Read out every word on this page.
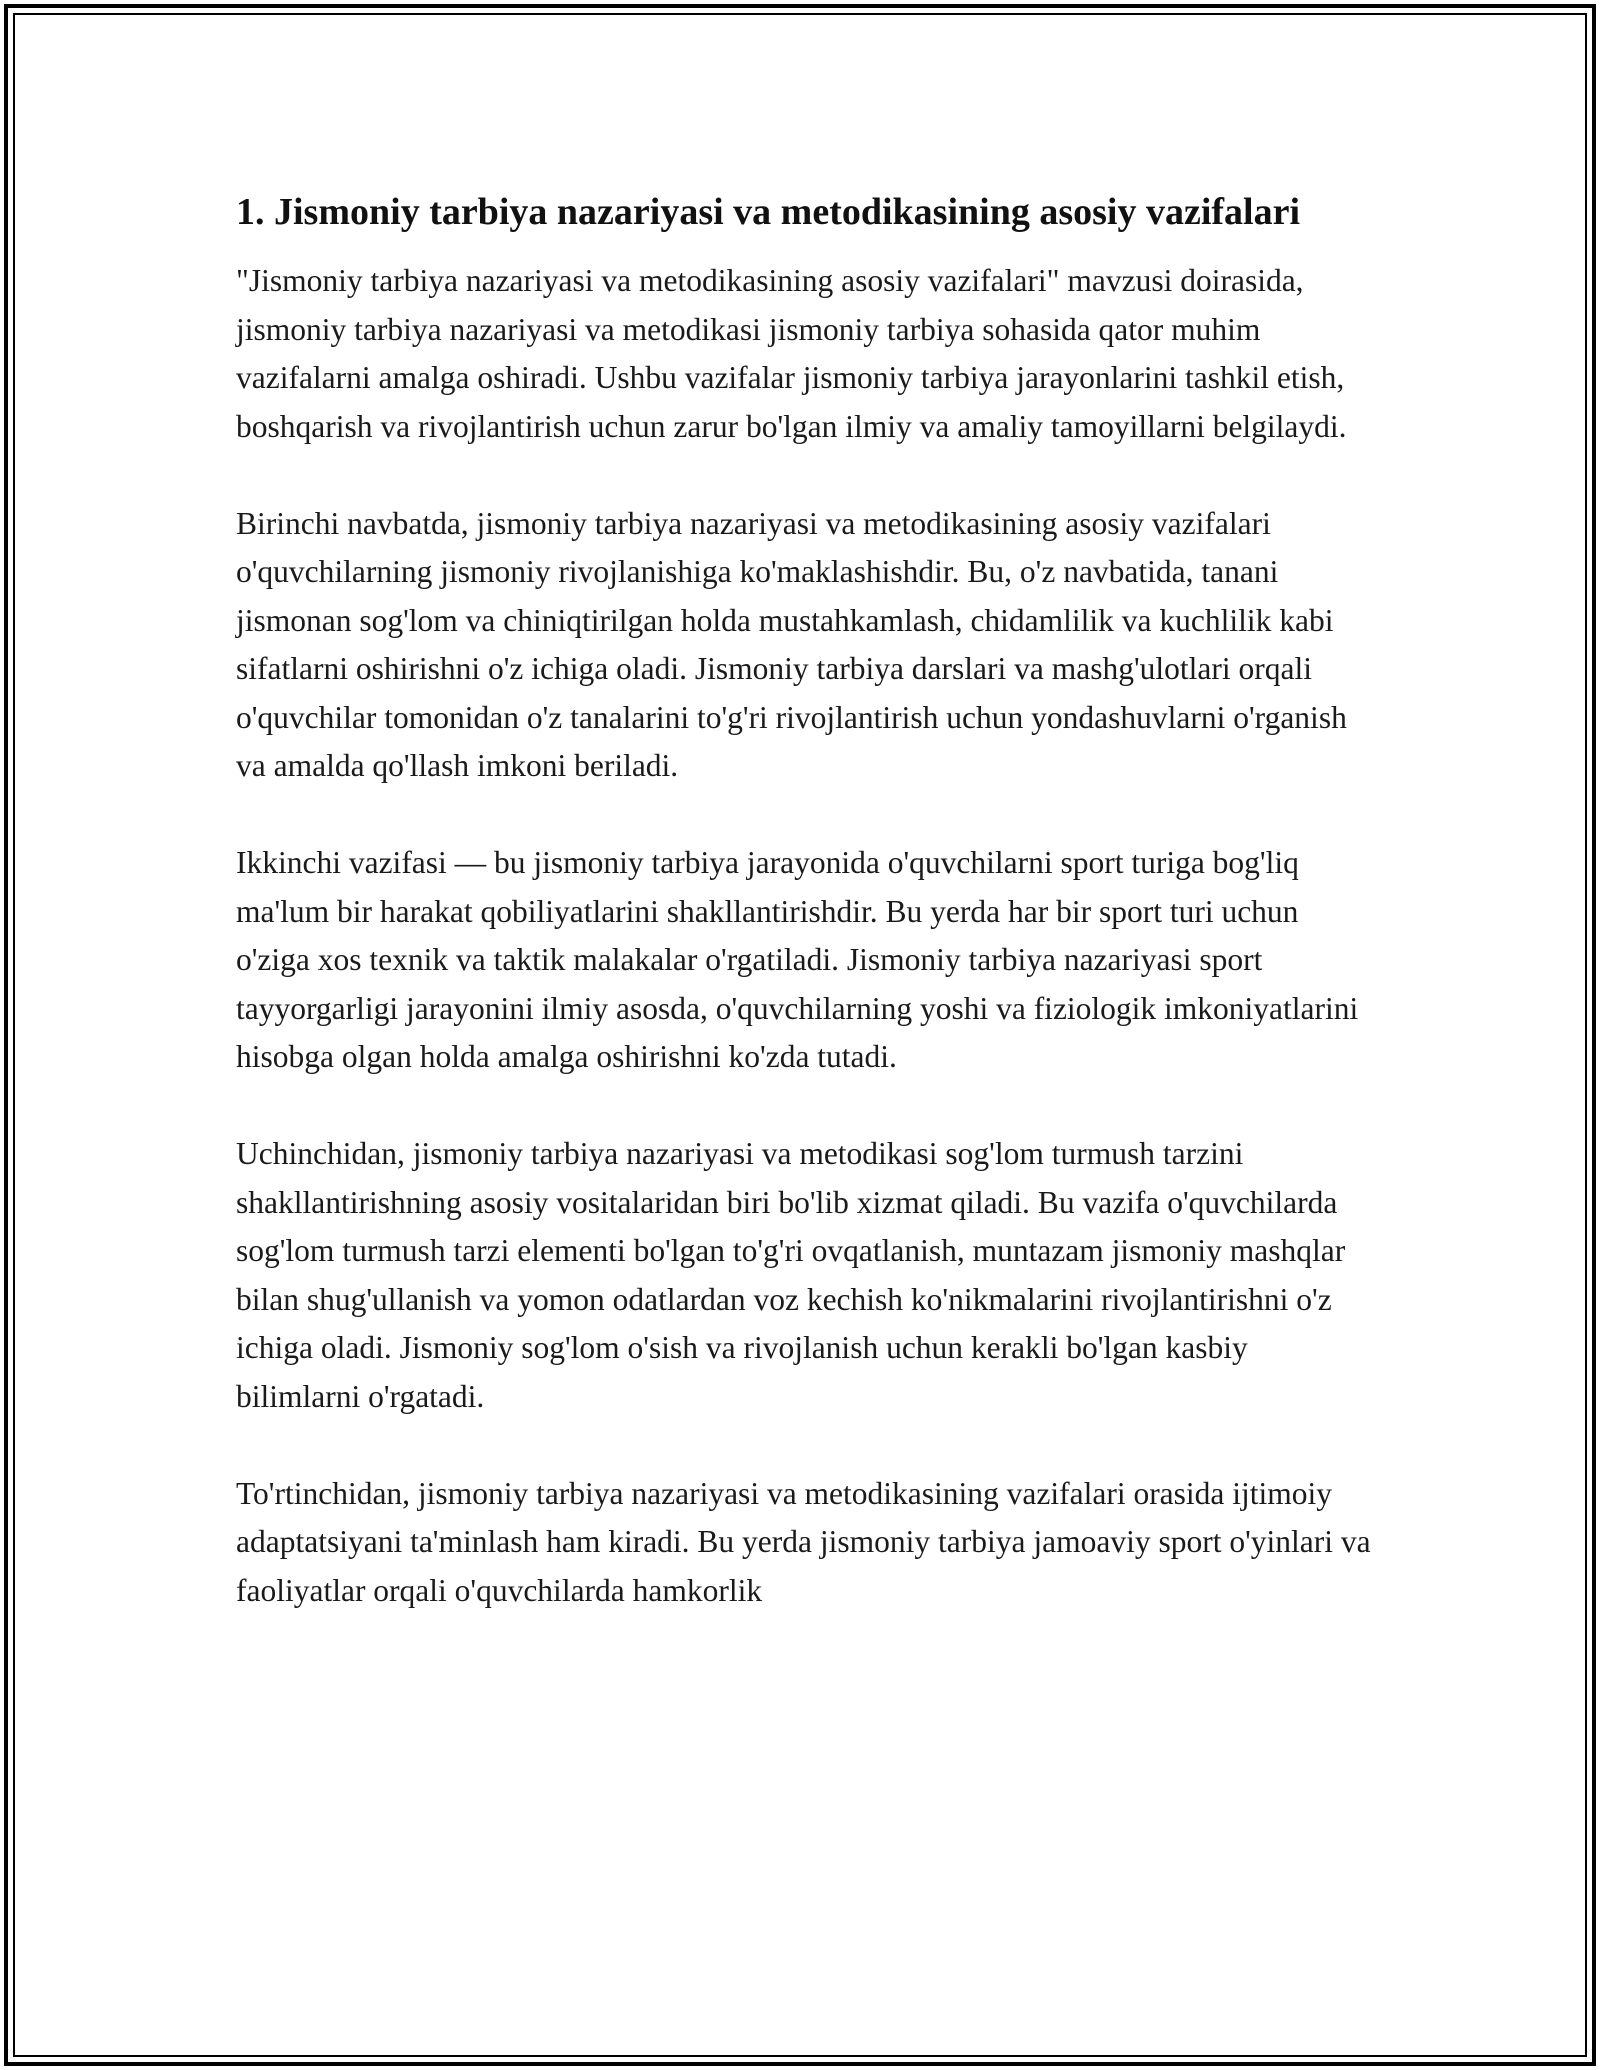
1. Jismoniy tarbiya nazariyasi va metodikasining asosiy vazifalari

"Jismoniy tarbiya nazariyasi va metodikasining asosiy vazifalari" mavzusi doirasida, jismoniy tarbiya nazariyasi va metodikasi jismoniy tarbiya sohasida qator muhim vazifalarni amalga oshiradi. Ushbu vazifalar jismoniy tarbiya jarayonlarini tashkil etish, boshqarish va rivojlantirish uchun zarur bo'lgan ilmiy va amaliy tamoyillarni belgilaydi.

Birinchi navbatda, jismoniy tarbiya nazariyasi va metodikasining asosiy vazifalari o'quvchilarning jismoniy rivojlanishiga ko'maklashishdir. Bu, o'z navbatida, tanani jismonan sog'lom va chiniqtirilgan holda mustahkamlash, chidamlilik va kuchlilik kabi sifatlarni oshirishni o'z ichiga oladi. Jismoniy tarbiya darslari va mashg'ulotlari orqali o'quvchilar tomonidan o'z tanalarini to'g'ri rivojlantirish uchun yondashuvlarni o'rganish va amalda qo'llash imkoni beriladi.

Ikkinchi vazifasi — bu jismoniy tarbiya jarayonida o'quvchilarni sport turiga bog'liq ma'lum bir harakat qobiliyatlarini shakllantirishdir. Bu yerda har bir sport turi uchun o'ziga xos texnik va taktik malakalar o'rgatiladi. Jismoniy tarbiya nazariyasi sport tayyorgarligi jarayonini ilmiy asosda, o'quvchilarning yoshi va fiziologik imkoniyatlarini hisobga olgan holda amalga oshirishni ko'zda tutadi.

Uchinchidan, jismoniy tarbiya nazariyasi va metodikasi sog'lom turmush tarzini shakllantirishning asosiy vositalaridan biri bo'lib xizmat qiladi. Bu vazifa o'quvchilarda sog'lom turmush tarzi elementi bo'lgan to'g'ri ovqatlanish, muntazam jismoniy mashqlar bilan shug'ullanish va yomon odatlardan voz kechish ko'nikmalarini rivojlantirishni o'z ichiga oladi. Jismoniy sog'lom o'sish va rivojlanish uchun kerakli bo'lgan kasbiy bilimlarni o'rgatadi.

To'rtinchidan, jismoniy tarbiya nazariyasi va metodikasining vazifalari orasida ijtimoiy adaptatsiyani ta'minlash ham kiradi. Bu yerda jismoniy tarbiya jamoaviy sport o'yinlari va faoliyatlar orqali o'quvchilarda hamkorlik
